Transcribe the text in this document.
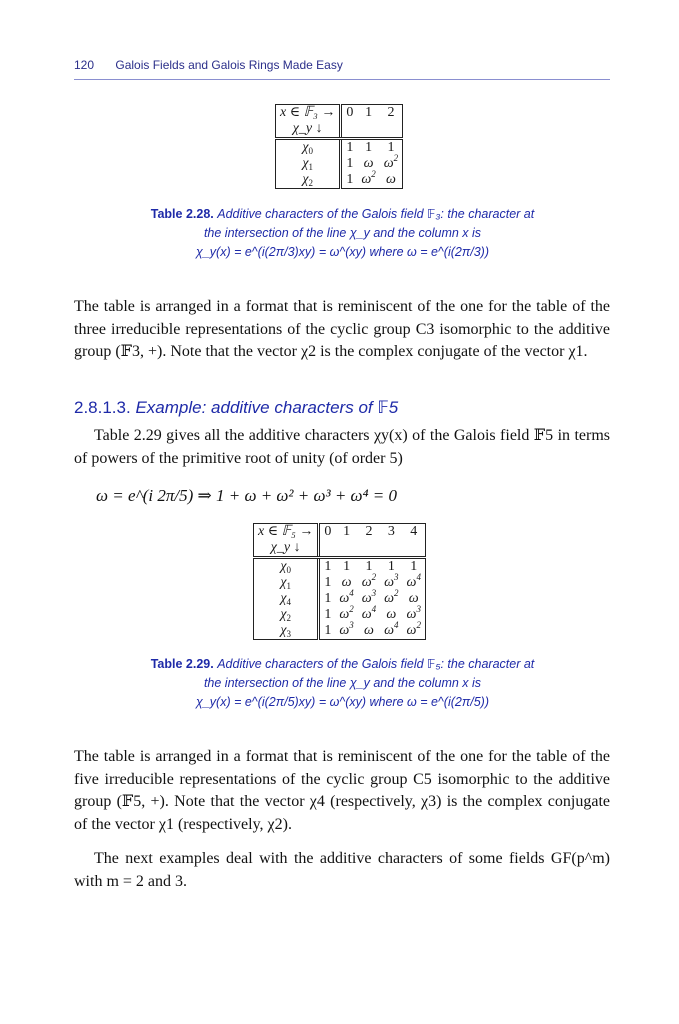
120 Galois Fields and Galois Rings Made Easy
x ∈ 𝔽₃ →	0	1	2
χ_y ↓			
$\chi_0$	1	1	1
$\chi_1$	1	ω	$\omega^2$
$\chi_2$	1	$\omega^2$	ω
Table 2.28. Additive characters of the Galois field 𝔽₃: the character at
the intersection of the line χ_y and the column x is
χ_y(x) = e^(i(2π/3)xy) = ω^(xy) where ω = e^(i(2π/3))
The table is arranged in a format that is reminiscent of the one for the table of the three irreducible representations of the cyclic group C3 isomorphic to the additive group (𝔽3, +). Note that the vector χ2 is the complex conjugate of the vector χ1.
2.8.1.3. Example: additive characters of 𝔽5
Table 2.29 gives all the additive characters χy(x) of the Galois field 𝔽5 in terms of powers of the primitive root of unity (of order 5)
ω = e^(i 2π/5) ⇒ 1 + ω + ω² + ω³ + ω⁴ = 0
x ∈ 𝔽₅ →	0	1	2	3	4
χ_y ↓					
$\chi_0$	1	1	1	1	1
$\chi_1$	1	ω	$\omega^2$	$\omega^3$	$\omega^4$
$\chi_4$	1	$\omega^4$	$\omega^3$	$\omega^2$	ω
$\chi_2$	1	$\omega^2$	$\omega^4$	ω	$\omega^3$
$\chi_3$	1	$\omega^3$	ω	$\omega^4$	$\omega^2$
Table 2.29. Additive characters of the Galois field 𝔽₅: the character at
the intersection of the line χ_y and the column x is
χ_y(x) = e^(i(2π/5)xy) = ω^(xy) where ω = e^(i(2π/5))
The table is arranged in a format that is reminiscent of the one for the table of the five irreducible representations of the cyclic group C5 isomorphic to the additive group (𝔽5, +). Note that the vector χ4 (respectively, χ3) is the complex conjugate of the vector χ1 (respectively, χ2).
The next examples deal with the additive characters of some fields GF(p^m) with m = 2 and 3.
